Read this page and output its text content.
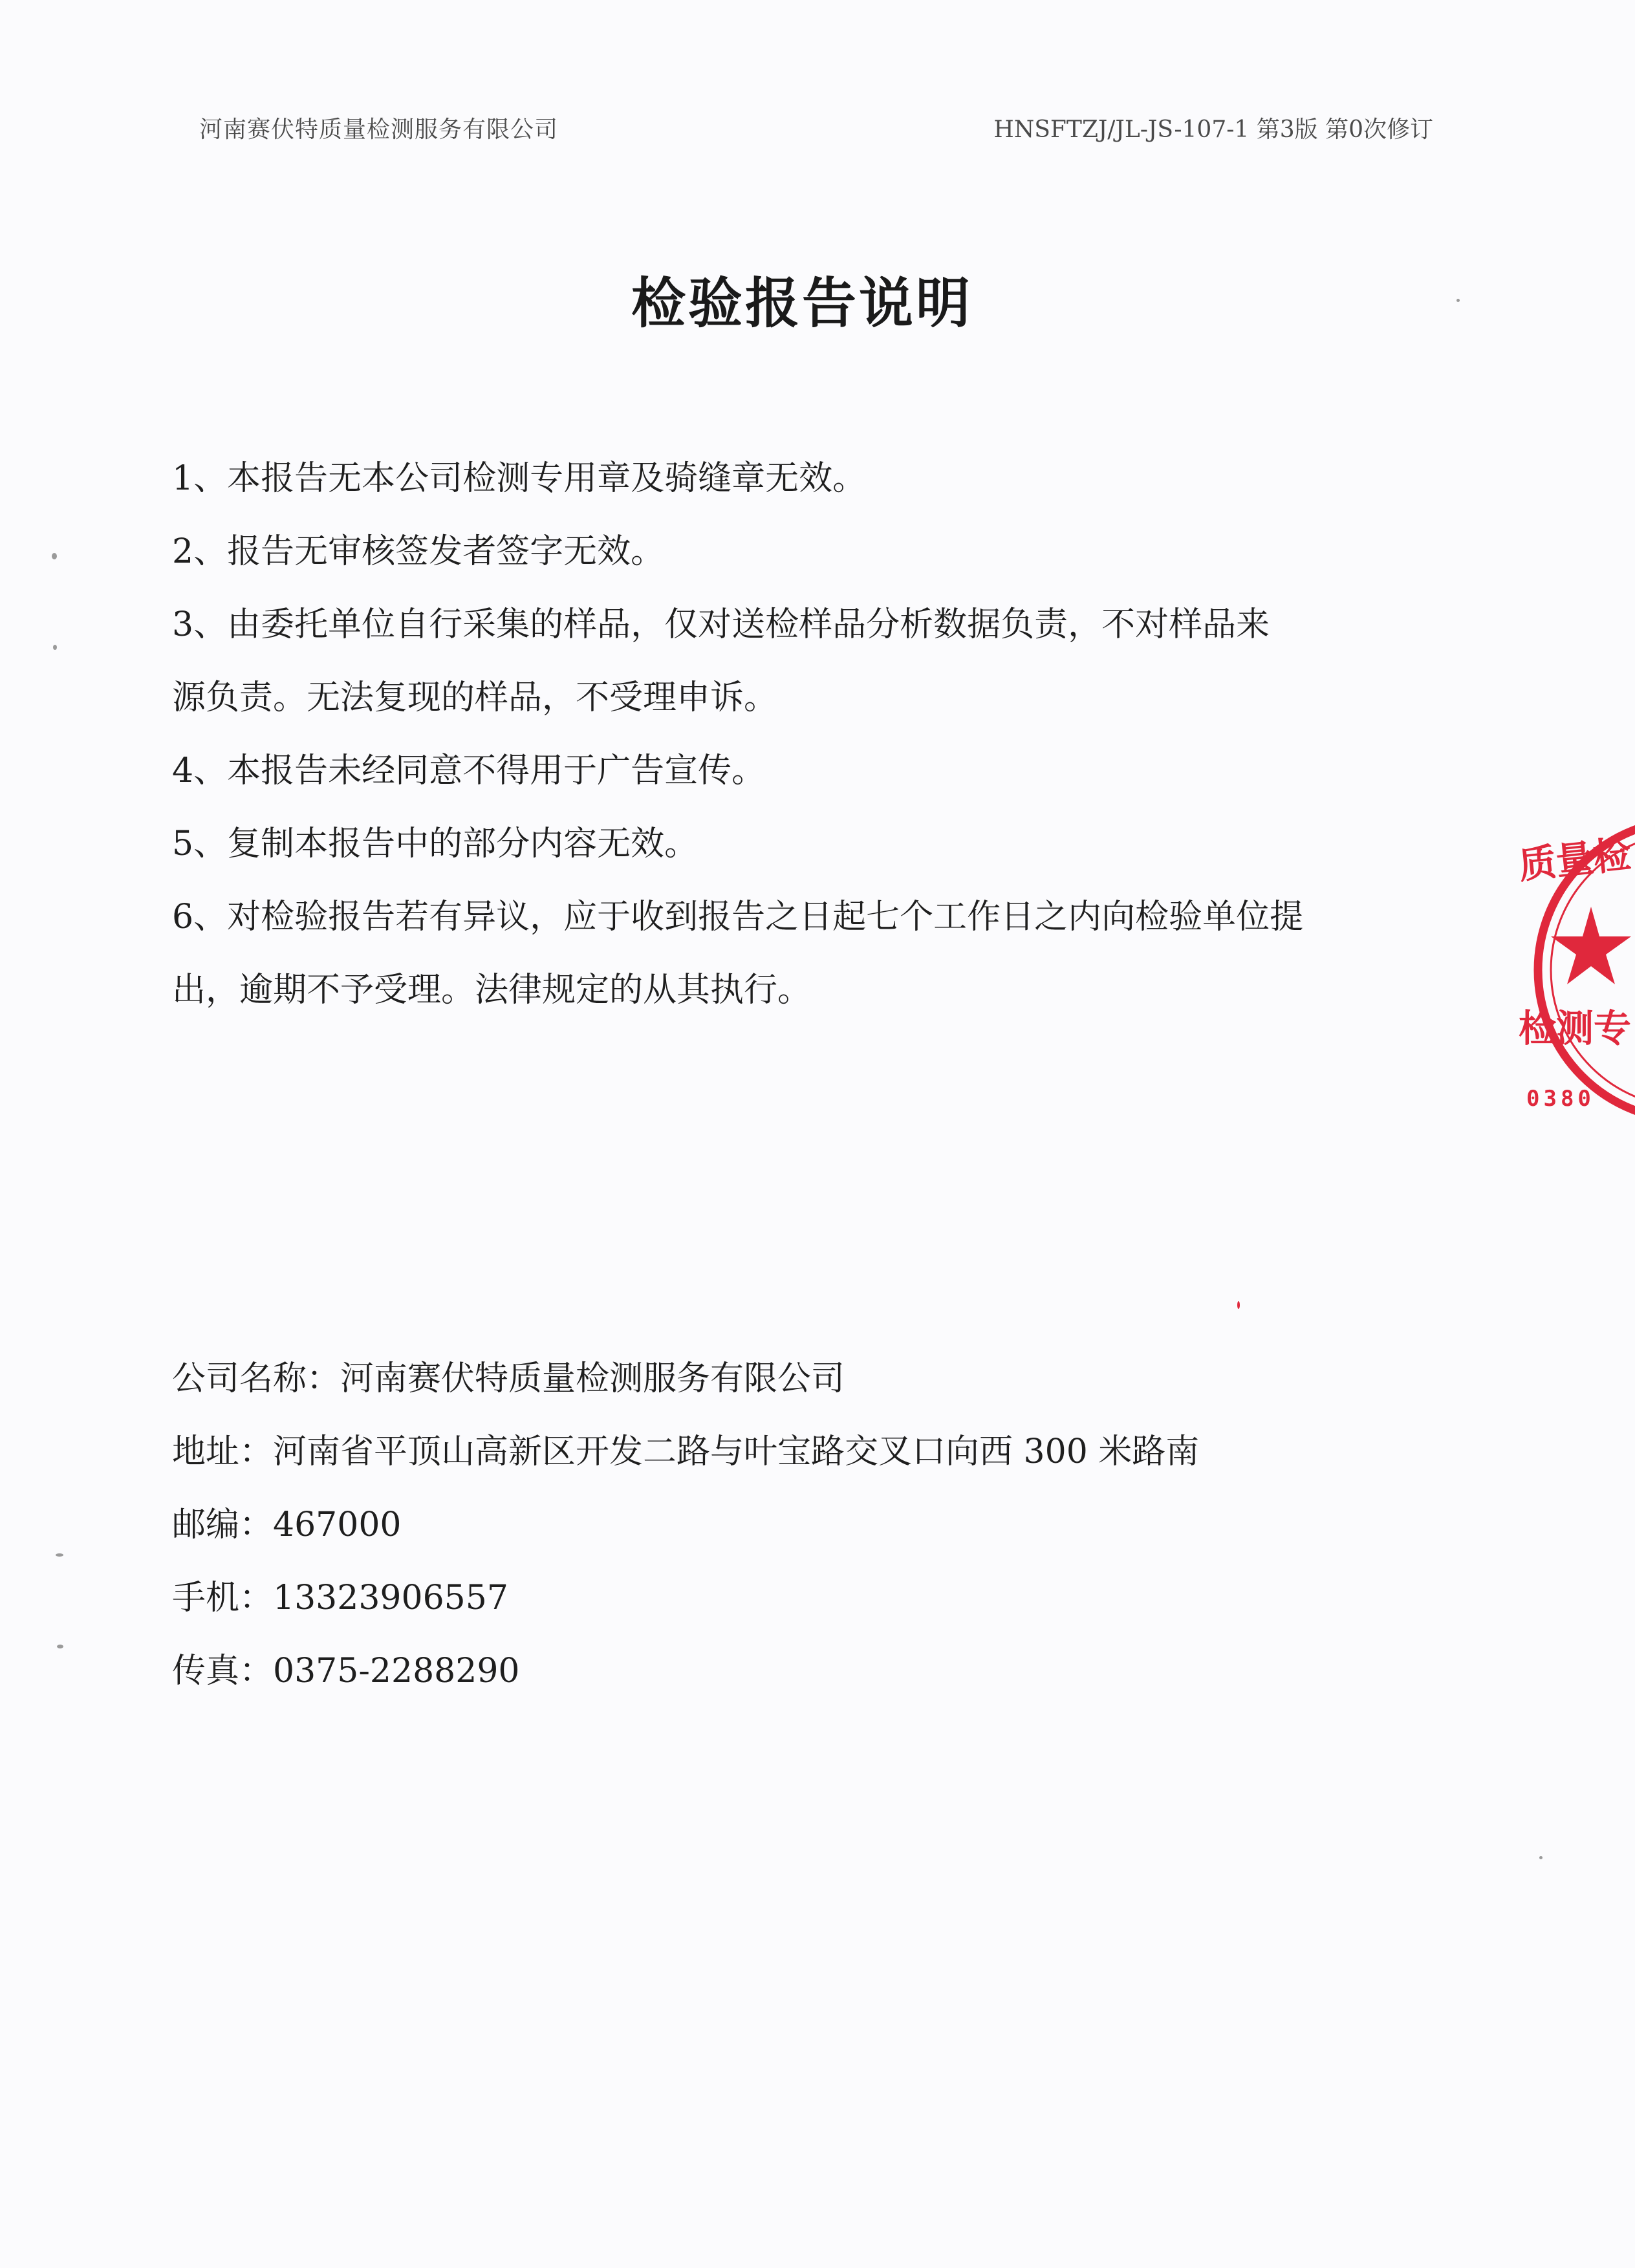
河南赛伏特质量检测服务有限公司	HNSFTZJ/JL-JS-107-1 第3版 第0次修订
检验报告说明
1、本报告无本公司检测专用章及骑缝章无效。
2、报告无审核签发者签字无效。
3、由委托单位自行采集的样品，仅对送检样品分析数据负责，不对样品来
源负责。无法复现的样品，不受理申诉。
4、本报告未经同意不得用于广告宣传。
5、复制本报告中的部分内容无效。
6、对检验报告若有异议，应于收到报告之日起七个工作日之内向检验单位提
出，逾期不予受理。法律规定的从其执行。
公司名称：河南赛伏特质量检测服务有限公司
地址：河南省平顶山高新区开发二路与叶宝路交叉口向西 300 米路南
邮编：467000
手机：13323906557
传真：0375-2288290
质量检
检测专
0380
